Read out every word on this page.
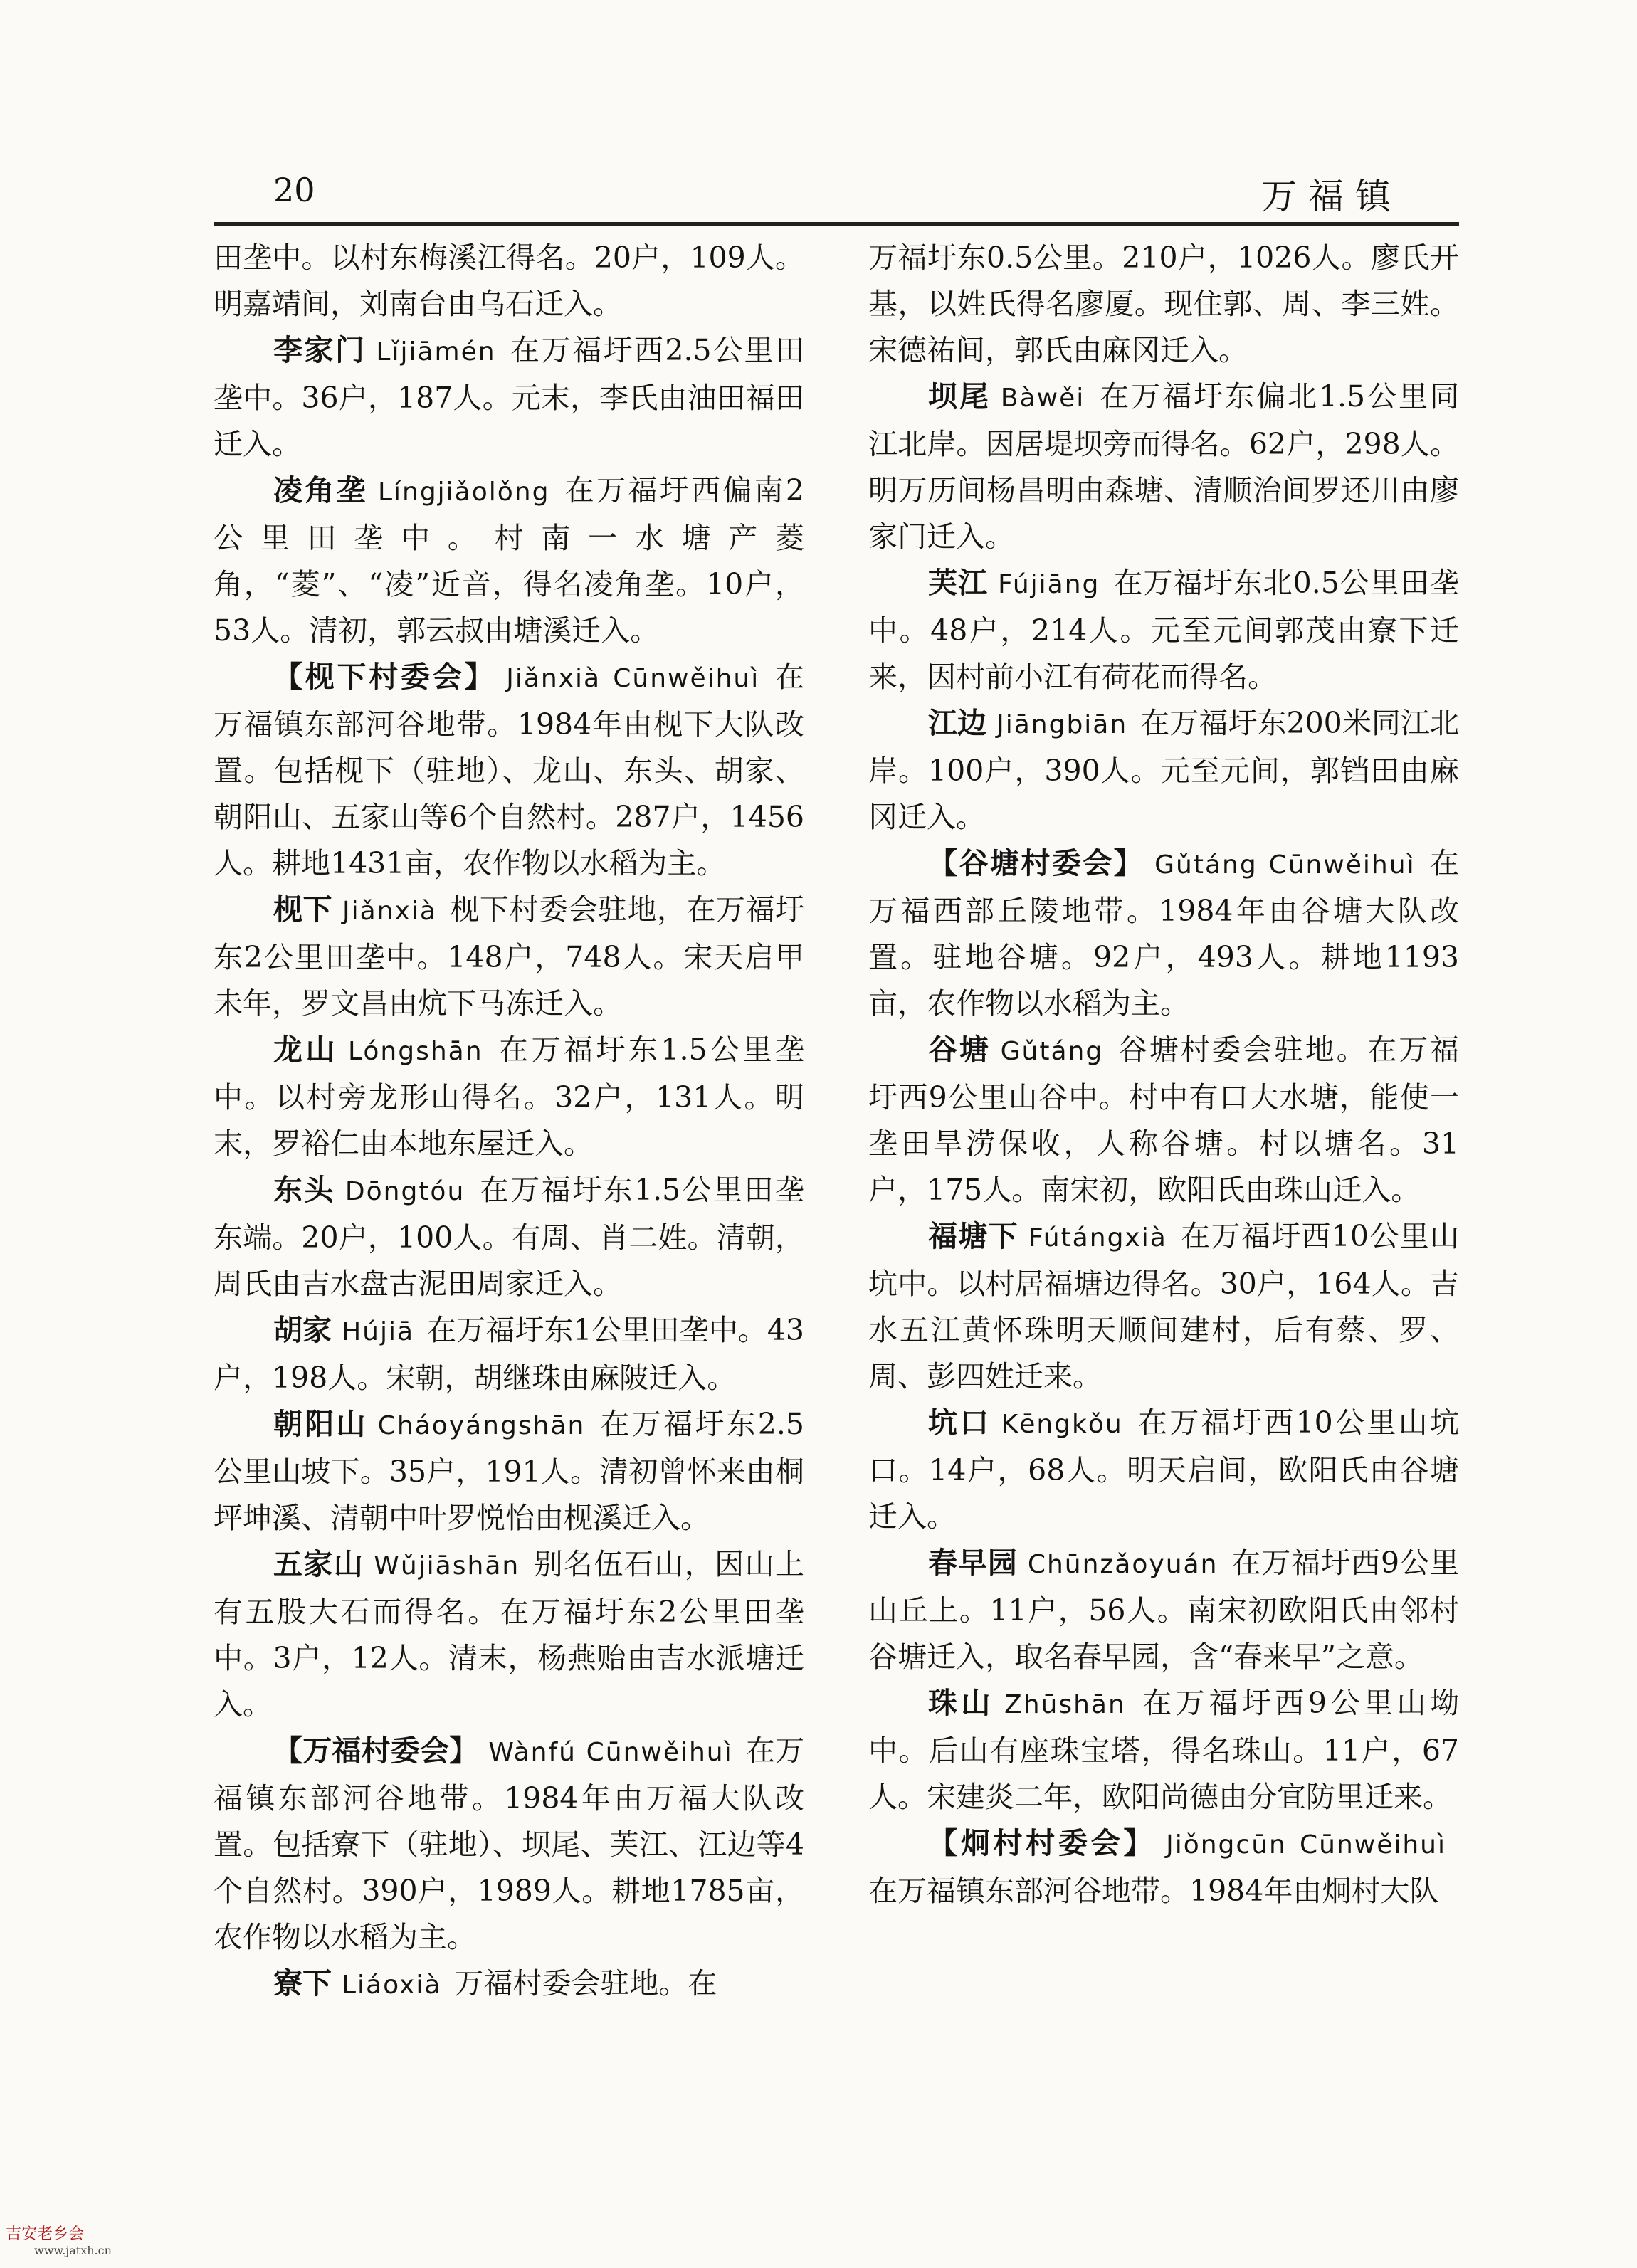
20	万福镇

田垄中。以村东梅溪江得名。20户，109人。明嘉靖间，刘南台由乌石迁入。

李家门 Lǐjiāmén 在万福圩西2.5公里田垄中。36户，187人。元末，李氏由油田福田迁入。

凌角垄 Língjiǎolǒng 在万福圩西偏南2公里田垄中。村南一水塘产菱角，“菱”、“凌”近音，得名凌角垄。10户，53人。清初，郭云叔由塘溪迁入。

【枧下村委会】 Jiǎnxià Cūnwěihuì 在万福镇东部河谷地带。1984年由枧下大队改置。包括枧下（驻地）、龙山、东头、胡家、朝阳山、五家山等6个自然村。287户，1456人。耕地1431亩，农作物以水稻为主。

枧下 Jiǎnxià 枧下村委会驻地，在万福圩东2公里田垄中。148户，748人。宋天启甲未年，罗文昌由炕下马冻迁入。

龙山 Lóngshān 在万福圩东1.5公里垄中。以村旁龙形山得名。32户，131人。明末，罗裕仁由本地东屋迁入。

东头 Dōngtóu 在万福圩东1.5公里田垄东端。20户，100人。有周、肖二姓。清朝，周氏由吉水盘古泥田周家迁入。

胡家 Hújiā 在万福圩东1公里田垄中。43户，198人。宋朝，胡继珠由麻陂迁入。

朝阳山 Cháoyángshān 在万福圩东2.5公里山坡下。35户，191人。清初曾怀来由桐坪坤溪、清朝中叶罗悦怡由枧溪迁入。

五家山 Wǔjiāshān 别名伍石山，因山上有五股大石而得名。在万福圩东2公里田垄中。3户，12人。清末，杨燕贻由吉水派塘迁入。

【万福村委会】 Wànfú Cūnwěihuì 在万福镇东部河谷地带。1984年由万福大队改置。包括寮下（驻地）、坝尾、芙江、江边等4个自然村。390户，1989人。耕地1785亩，农作物以水稻为主。

寮下 Liáoxià 万福村委会驻地。在

万福圩东0.5公里。210户，1026人。廖氏开基，以姓氏得名廖厦。现住郭、周、李三姓。宋德祐间，郭氏由麻冈迁入。

坝尾 Bàwěi 在万福圩东偏北1.5公里同江北岸。因居堤坝旁而得名。62户，298人。明万历间杨昌明由森塘、清顺治间罗还川由廖家门迁入。

芙江 Fújiāng 在万福圩东北0.5公里田垄中。48户，214人。元至元间郭茂由寮下迁来，因村前小江有荷花而得名。

江边 Jiāngbiān 在万福圩东200米同江北岸。100户，390人。元至元间，郭铛田由麻冈迁入。

【谷塘村委会】 Gǔtáng Cūnwěihuì 在万福西部丘陵地带。1984年由谷塘大队改置。驻地谷塘。92户，493人。耕地1193亩，农作物以水稻为主。

谷塘 Gǔtáng 谷塘村委会驻地。在万福圩西9公里山谷中。村中有口大水塘，能使一垄田旱涝保收，人称谷塘。村以塘名。31户，175人。南宋初，欧阳氏由珠山迁入。

福塘下 Fútángxià 在万福圩西10公里山坑中。以村居福塘边得名。30户，164人。吉水五江黄怀珠明天顺间建村，后有蔡、罗、周、彭四姓迁来。

坑口 Kēngkǒu 在万福圩西10公里山坑口。14户，68人。明天启间，欧阳氏由谷塘迁入。

春早园 Chūnzǎoyuán 在万福圩西9公里山丘上。11户，56人。南宋初欧阳氏由邻村谷塘迁入，取名春早园，含“春来早”之意。

珠山 Zhūshān 在万福圩西9公里山坳中。后山有座珠宝塔，得名珠山。11户，67人。宋建炎二年，欧阳尚德由分宜防里迁来。

【炯村村委会】 Jiǒngcūn Cūnwěihuì在万福镇东部河谷地带。1984年由炯村大队

吉安老乡会
www.jatxh.cn
